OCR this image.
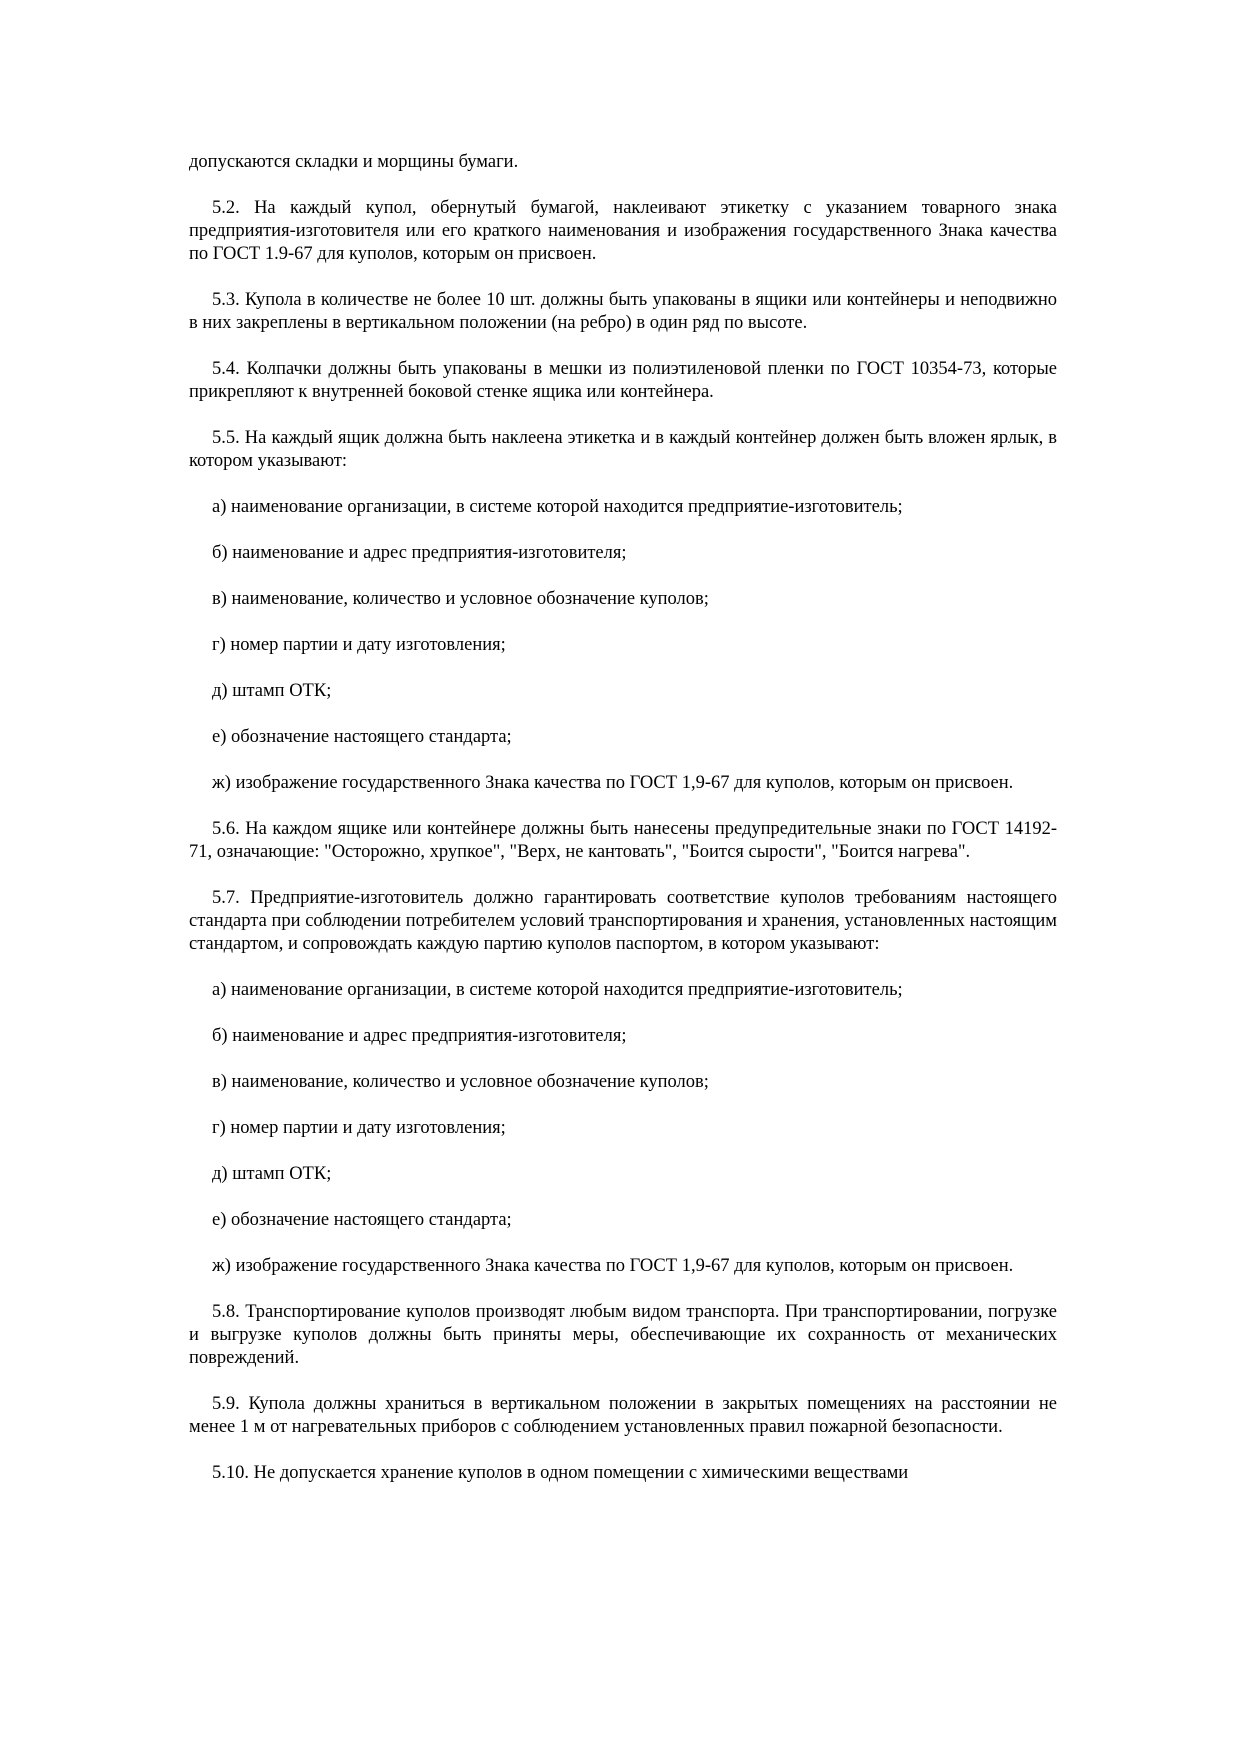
допускаются складки и морщины бумаги.

5.2. На каждый купол, обернутый бумагой, наклеивают этикетку с указанием товарного знака предприятия-изготовителя или его краткого наименования и изображения государственного Знака качества по ГОСТ 1.9-67 для куполов, которым он присвоен.

5.3. Купола в количестве не более 10 шт. должны быть упакованы в ящики или контейнеры и неподвижно в них закреплены в вертикальном положении (на ребро) в один ряд по высоте.

5.4. Колпачки должны быть упакованы в мешки из полиэтиленовой пленки по ГОСТ 10354-73, которые прикрепляют к внутренней боковой стенке ящика или контейнера.

5.5. На каждый ящик должна быть наклеена этикетка и в каждый контейнер должен быть вложен ярлык, в котором указывают:

а) наименование организации, в системе которой находится предприятие-изготовитель;

б) наименование и адрес предприятия-изготовителя;

в) наименование, количество и условное обозначение куполов;

г) номер партии и дату изготовления;

д) штамп ОТК;

е) обозначение настоящего стандарта;

ж) изображение государственного Знака качества по ГОСТ 1,9-67 для куполов, которым он присвоен.

5.6. На каждом ящике или контейнере должны быть нанесены предупредительные знаки по ГОСТ 14192-71, означающие: "Осторожно, хрупкое", "Верх, не кантовать", "Боится сырости", "Боится нагрева".

5.7. Предприятие-изготовитель должно гарантировать соответствие куполов требованиям настоящего стандарта при соблюдении потребителем условий транспортирования и хранения, установленных настоящим стандартом, и сопровождать каждую партию куполов паспортом, в котором указывают:

а) наименование организации, в системе которой находится предприятие-изготовитель;

б) наименование и адрес предприятия-изготовителя;

в) наименование, количество и условное обозначение куполов;

г) номер партии и дату изготовления;

д) штамп ОТК;

е) обозначение настоящего стандарта;

ж) изображение государственного Знака качества по ГОСТ 1,9-67 для куполов, которым он присвоен.

5.8. Транспортирование куполов производят любым видом транспорта. При транспортировании, погрузке и выгрузке куполов должны быть приняты меры, обеспечивающие их сохранность от механических повреждений.

5.9. Купола должны храниться в вертикальном положении в закрытых помещениях на расстоянии не менее 1 м от нагревательных приборов с соблюдением установленных правил пожарной безопасности.

5.10. Не допускается хранение куполов в одном помещении с химическими веществами
